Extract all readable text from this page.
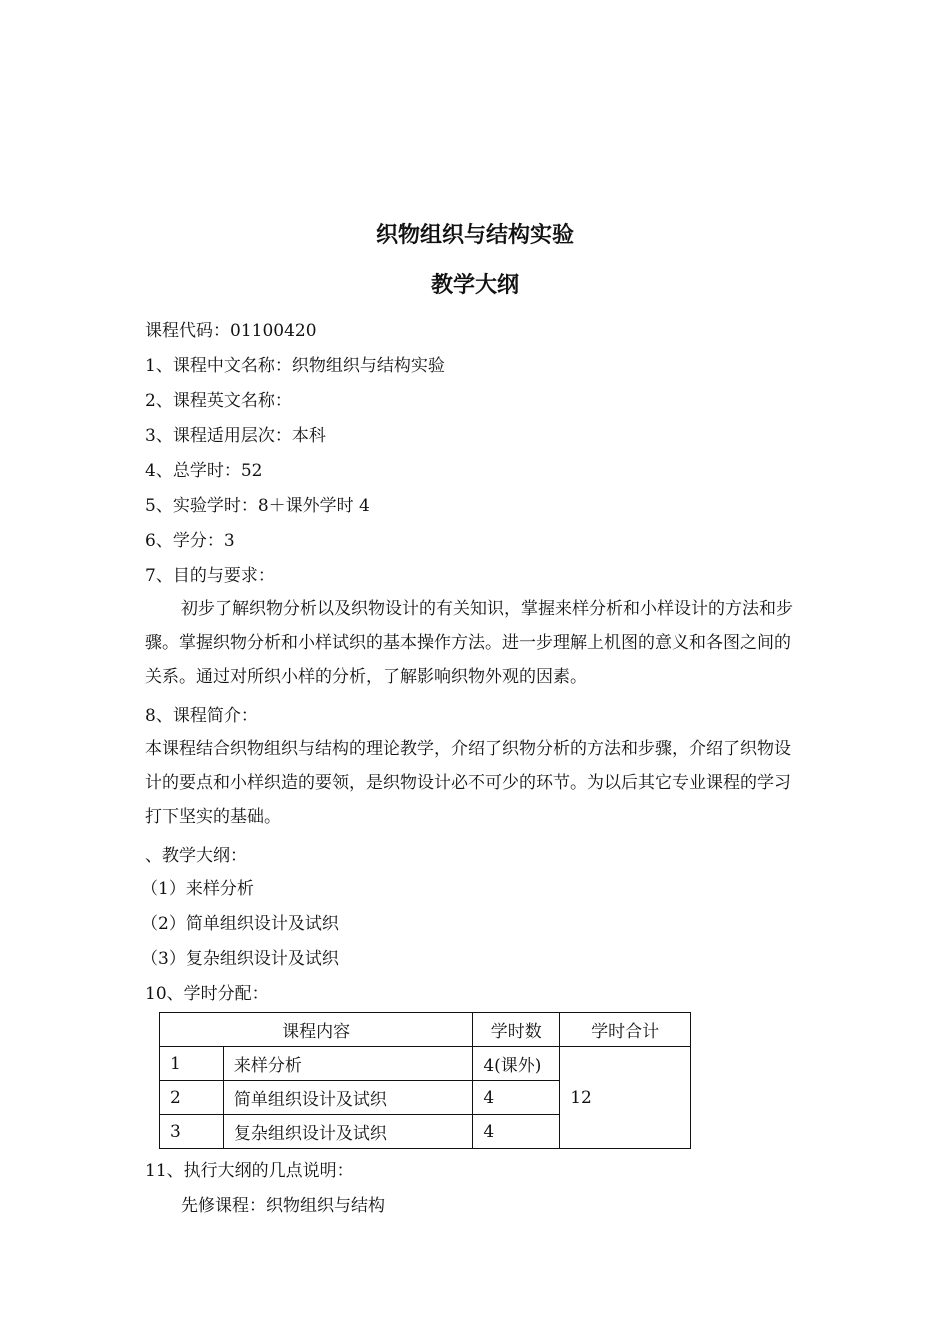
织物组织与结构实验
教学大纲
课程代码：01100420
1、课程中文名称：织物组织与结构实验
2、课程英文名称：
3、课程适用层次：本科
4、总学时：52
5、实验学时：8＋课外学时 4
6、学分：3
7、目的与要求：
初步了解织物分析以及织物设计的有关知识，掌握来样分析和小样设计的方法和步骤。掌握织物分析和小样试织的基本操作方法。进一步理解上机图的意义和各图之间的关系。通过对所织小样的分析，了解影响织物外观的因素。
8、课程简介：
本课程结合织物组织与结构的理论教学，介绍了织物分析的方法和步骤，介绍了织物设计的要点和小样织造的要领，是织物设计必不可少的环节。为以后其它专业课程的学习打下坚实的基础。
、教学大纲：
（1）来样分析
（2）简单组织设计及试织
（3）复杂组织设计及试织
10、学时分配：
课程内容		学时数	学时合计
1	来样分析	4(课外)	12
2	简单组织设计及试织	4	
3	复杂组织设计及试织	4	
11、执行大纲的几点说明：
先修课程：织物组织与结构
